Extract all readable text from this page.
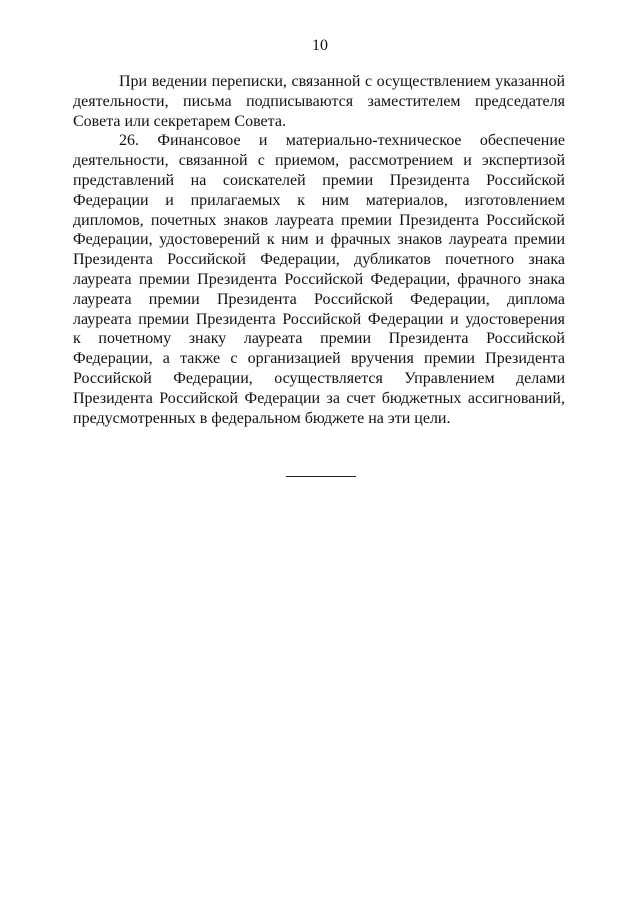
10

При ведении переписки, связанной с осуществлением указанной
деятельности, письма подписываются заместителем председателя
Совета или секретарем Совета.

26. Финансовое и материально-техническое обеспечение
деятельности, связанной с приемом, рассмотрением и экспертизой
представлений на соискателей премии Президента Российской
Федерации и прилагаемых к ним материалов, изготовлением
дипломов, почетных знаков лауреата премии Президента Российской
Федерации, удостоверений к ним и фрачных знаков лауреата премии
Президента Российской Федерации, дубликатов почетного знака
лауреата премии Президента Российской Федерации, фрачного знака
лауреата премии Президента Российской Федерации, диплома
лауреата премии Президента Российской Федерации и удостоверения
к почетному знаку лауреата премии Президента Российской
Федерации, а также с организацией вручения премии Президента
Российской Федерации, осуществляется Управлением делами
Президента Российской Федерации за счет бюджетных ассигнований,
предусмотренных в федеральном бюджете на эти цели.
